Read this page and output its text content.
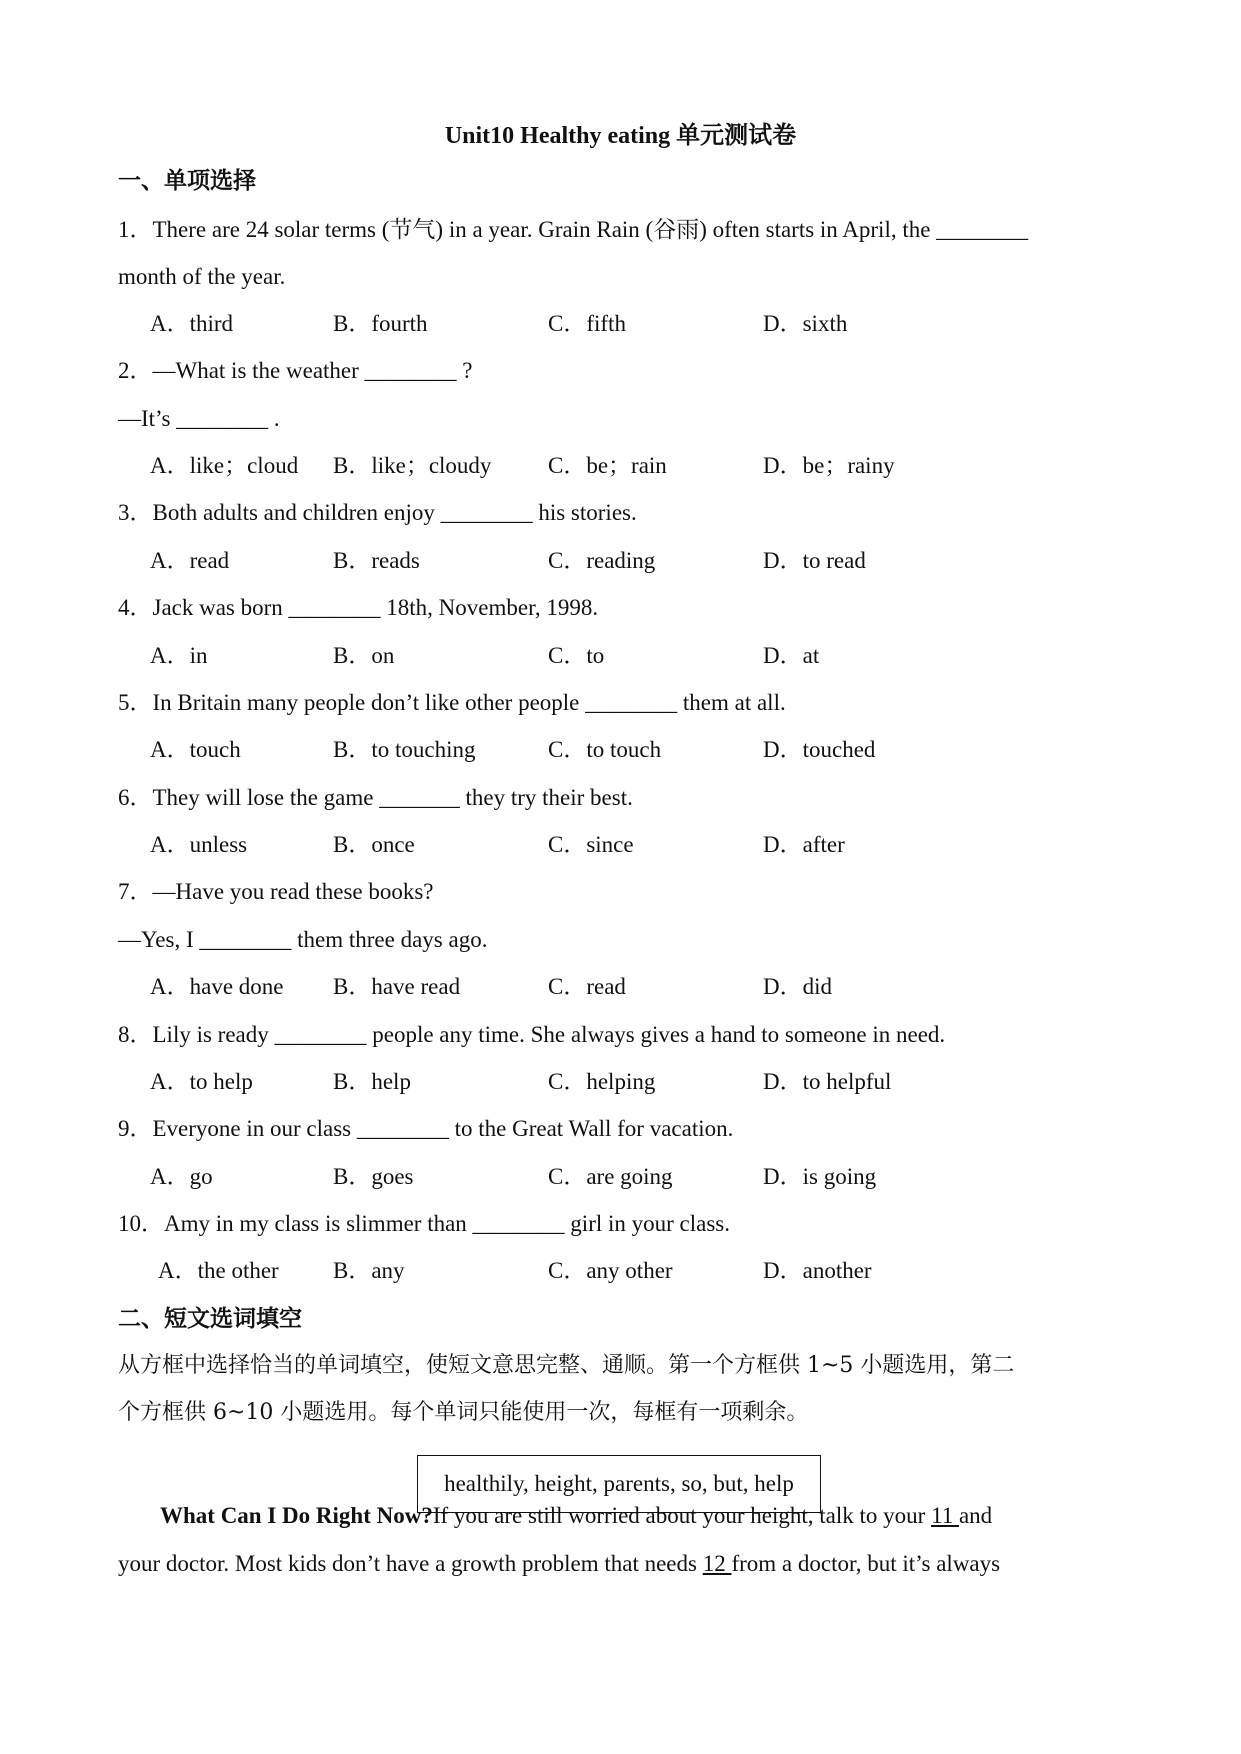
Unit10 Healthy eating 单元测试卷
一、单项选择
1．There are 24 solar terms (节气) in a year. Grain Rain (谷雨) often starts in April, the ________
month of the year.
A．third	B．fourth	C．fifth	D．sixth
2．—What is the weather ________ ?
—It’s ________ .
A．like；cloud B．like；cloudy C．be；rain	D．be；rainy
3．Both adults and children enjoy ________ his stories.
A．read	B．reads	C．reading	D．to read
4．Jack was born ________ 18th, November, 1998.
A．in	B．on	C．to	D．at
5．In Britain many people don’t like other people ________ them at all.
A．touch	B．to touching	C．to touch	D．touched
6．They will lose the game _______ they try their best.
A．unless	B．once	C．since	D．after
7．—Have you read these books?
—Yes, I ________ them three days ago.
A．have done B．have read	C．read	D．did
8．Lily is ready ________ people any time. She always gives a hand to someone in need.
A．to help	B．help	C．helping	D．to helpful
9．Everyone in our class ________ to the Great Wall for vacation.
A．go	B．goes	C．are going	D．is going
10．Amy in my class is slimmer than ________ girl in your class.
A．the other B．any	C．any other	D．another
二、短文选词填空
从方框中选择恰当的单词填空，使短文意思完整、通顺。第一个方框供 1~5 小题选用，第二
个方框供 6~10 小题选用。每个单词只能使用一次，每框有一项剩余。
healthily, height, parents, so, but, help
What Can I Do Right Now?If you are still worried about your height, talk to your 11 and
your doctor. Most kids don’t have a growth problem that needs 12 from a doctor, but it’s always
